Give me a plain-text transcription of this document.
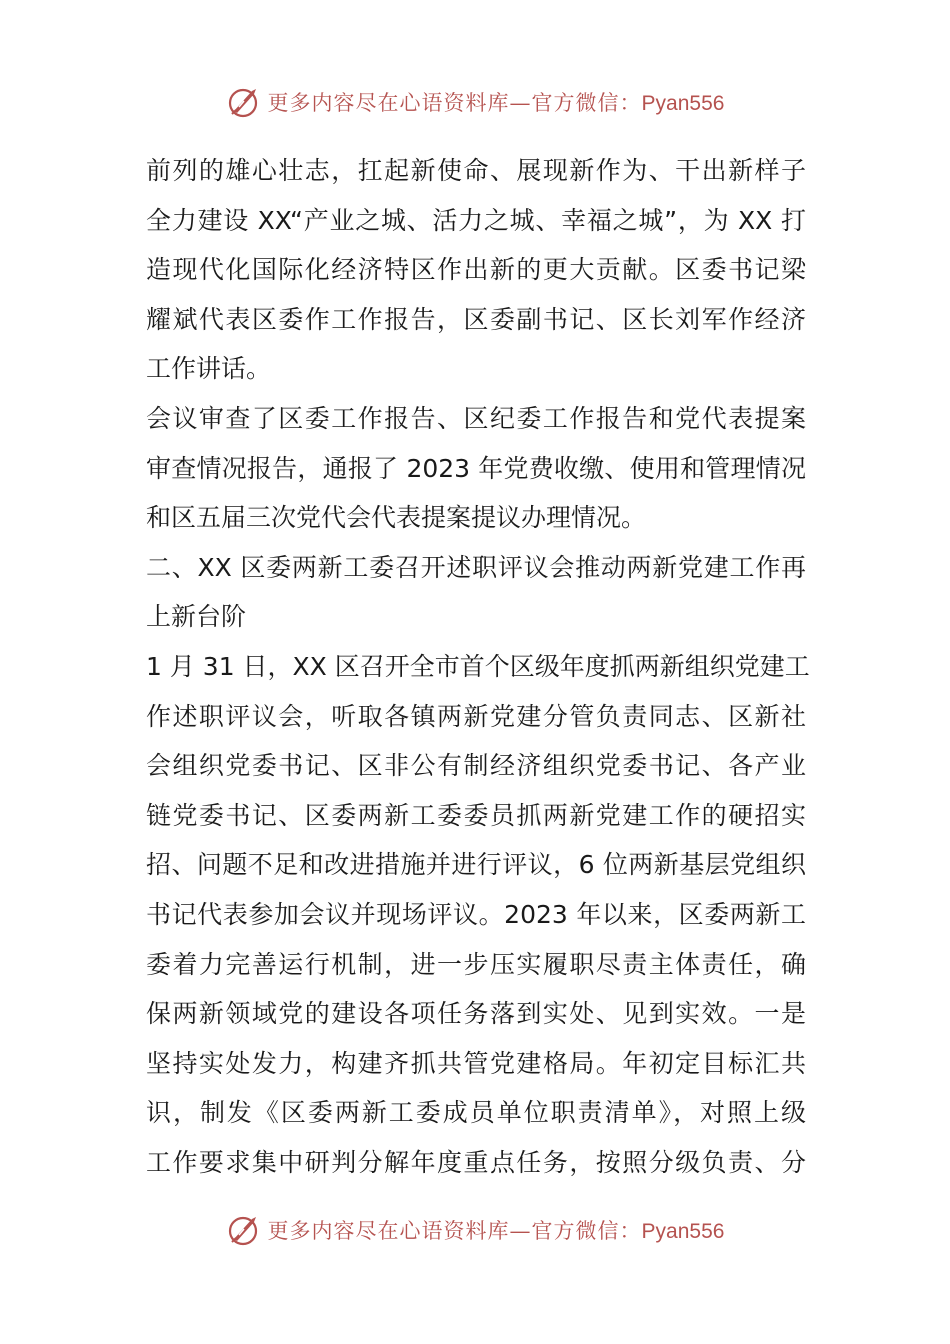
更多内容尽在心语资料库—官方微信：Pyan556
前列的雄心壮志，扛起新使命、展现新作为、干出新样子
全力建设 XX“产业之城、活力之城、幸福之城”，为 XX 打
造现代化国际化经济特区作出新的更大贡献。区委书记梁
耀斌代表区委作工作报告，区委副书记、区长刘军作经济
工作讲话。
会议审查了区委工作报告、区纪委工作报告和党代表提案
审查情况报告，通报了 2023 年党费收缴、使用和管理情况
和区五届三次党代会代表提案提议办理情况。
二、XX 区委两新工委召开述职评议会推动两新党建工作再
上新台阶
1 月 31 日，XX 区召开全市首个区级年度抓两新组织党建工
作述职评议会，听取各镇两新党建分管负责同志、区新社
会组织党委书记、区非公有制经济组织党委书记、各产业
链党委书记、区委两新工委委员抓两新党建工作的硬招实
招、问题不足和改进措施并进行评议，6 位两新基层党组织
书记代表参加会议并现场评议。2023 年以来，区委两新工
委着力完善运行机制，进一步压实履职尽责主体责任，确
保两新领域党的建设各项任务落到实处、见到实效。一是
坚持实处发力，构建齐抓共管党建格局。年初定目标汇共
识，制发《区委两新工委成员单位职责清单》，对照上级
工作要求集中研判分解年度重点任务，按照分级负责、分
更多内容尽在心语资料库—官方微信：Pyan556
